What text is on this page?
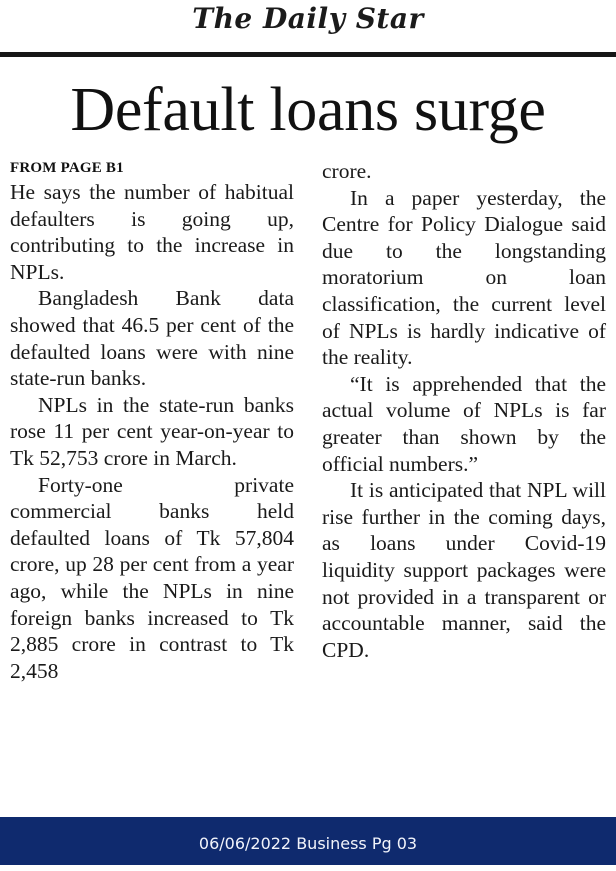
The Daily Star
Default loans surge

FROM PAGE B1

He says the number of habitual defaulters is going up, contributing to the increase in NPLs.

Bangladesh Bank data showed that 46.5 per cent of the defaulted loans were with nine state-run banks.

NPLs in the state-run banks rose 11 per cent year-on-year to Tk 52,753 crore in March.

Forty-one private commercial banks held defaulted loans of Tk 57,804 crore, up 28 per cent from a year ago, while the NPLs in nine foreign banks increased to Tk 2,885 crore in contrast to Tk 2,458

crore.

In a paper yesterday, the Centre for Policy Dialogue said due to the longstanding moratorium on loan classification, the current level of NPLs is hardly indicative of the reality.

“It is apprehended that the actual volume of NPLs is far greater than shown by the official numbers.”

It is anticipated that NPL will rise further in the coming days, as loans under Covid-19 liquidity support packages were not provided in a transparent or accountable manner, said the CPD.

06/06/2022 Business Pg 03
